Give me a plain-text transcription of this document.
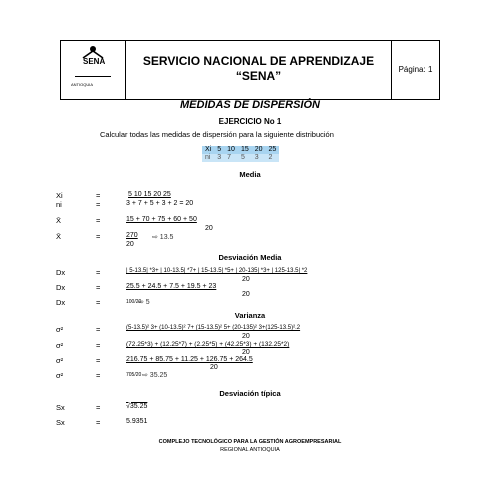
SENA
ANTIOQUIA
SERVICIO NACIONAL DE APRENDIZAJE
“SENA”	Página: 1
MEDIDAS DE DISPERSIÓN
EJERCICIO No 1
Calcular todas las medidas de dispersión para la siguiente distribución
Xi	5	10	15	20	25
ni	3	7	5	3	2
Media
Xi	=	5 10 15 20 25
ni	=	3 + 7 + 5 + 3 + 2 = 20
X̄	=	15 + 70 + 75 + 60 + 50
20
X̄	=	270 ⇨ 13.5
20
Desviación Media
Dx	=	| 5-13.5| *3+ | 10-13.5| *7+ | 15-13.5| *5+ | 20-135| *3+ | 125-13.5| *2
20
Dx	=	25.5 + 24.5 + 7.5 + 19.5 + 23
20
Dx	=	100/20
⇨ 5
Varianza
σ²	=	(5-13.5)² 3+ (10-13.5)² 7+ (15-13.5)² 5+ (20-135)² 3+(125-13.5)².2
20
σ²	=	(72.25*3) + (12.25*7) + (2.25*5) + (42.25*3) + (132.25*2)
20
σ²	=	216.75 + 85.75 + 11.25 + 126.75 + 264.5
20
σ²	=	705/20 ⇨ 35.25
Desviación típica
Sx	=	√35.25
Sx	=	5.9351
COMPLEJO TECNOLÓGICO PARA LA GESTIÓN AGROEMPRESARIAL
REGIONAL ANTIOQUIA
